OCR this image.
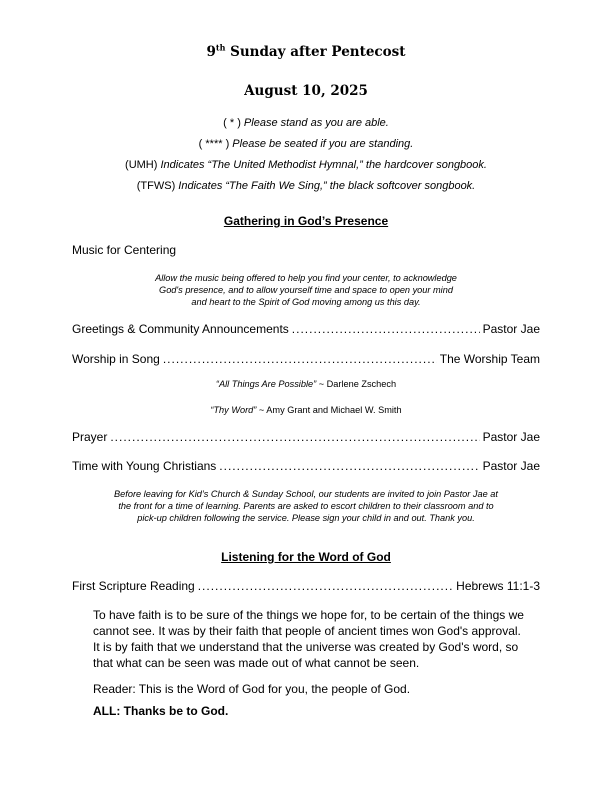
9th Sunday after Pentecost
August 10, 2025
( * ) Please stand as you are able.
( **** ) Please be seated if you are standing.
(UMH) Indicates “The United Methodist Hymnal,” the hardcover songbook.
(TFWS) Indicates “The Faith We Sing,” the black softcover songbook.
Gathering in God’s Presence
Music for Centering
Allow the music being offered to help you find your center, to acknowledge
God's presence, and to allow yourself time and space to open your mind
and heart to the Spirit of God moving among us this day.
Greetings & Community Announcements .....	Pastor Jae
Worship in Song .....	The Worship Team
“All Things Are Possible” ~ Darlene Zschech
“Thy Word” ~ Amy Grant and Michael W. Smith
Prayer .....	Pastor Jae
Time with Young Christians .....	Pastor Jae
Before leaving for Kid’s Church & Sunday School, our students are invited to join Pastor Jae at
the front for a time of learning. Parents are asked to escort children to their classroom and to
pick-up children following the service. Please sign your child in and out. Thank you.
Listening for the Word of God
First Scripture Reading .....	Hebrews 11:1-3

To have faith is to be sure of the things we hope for, to be certain of the things we

cannot see. It was by their faith that people of ancient times won God's approval.

It is by faith that we understand that the universe was created by God's word, so

that what can be seen was made out of what cannot be seen.

Reader: This is the Word of God for you, the people of God.
ALL: Thanks be to God.
